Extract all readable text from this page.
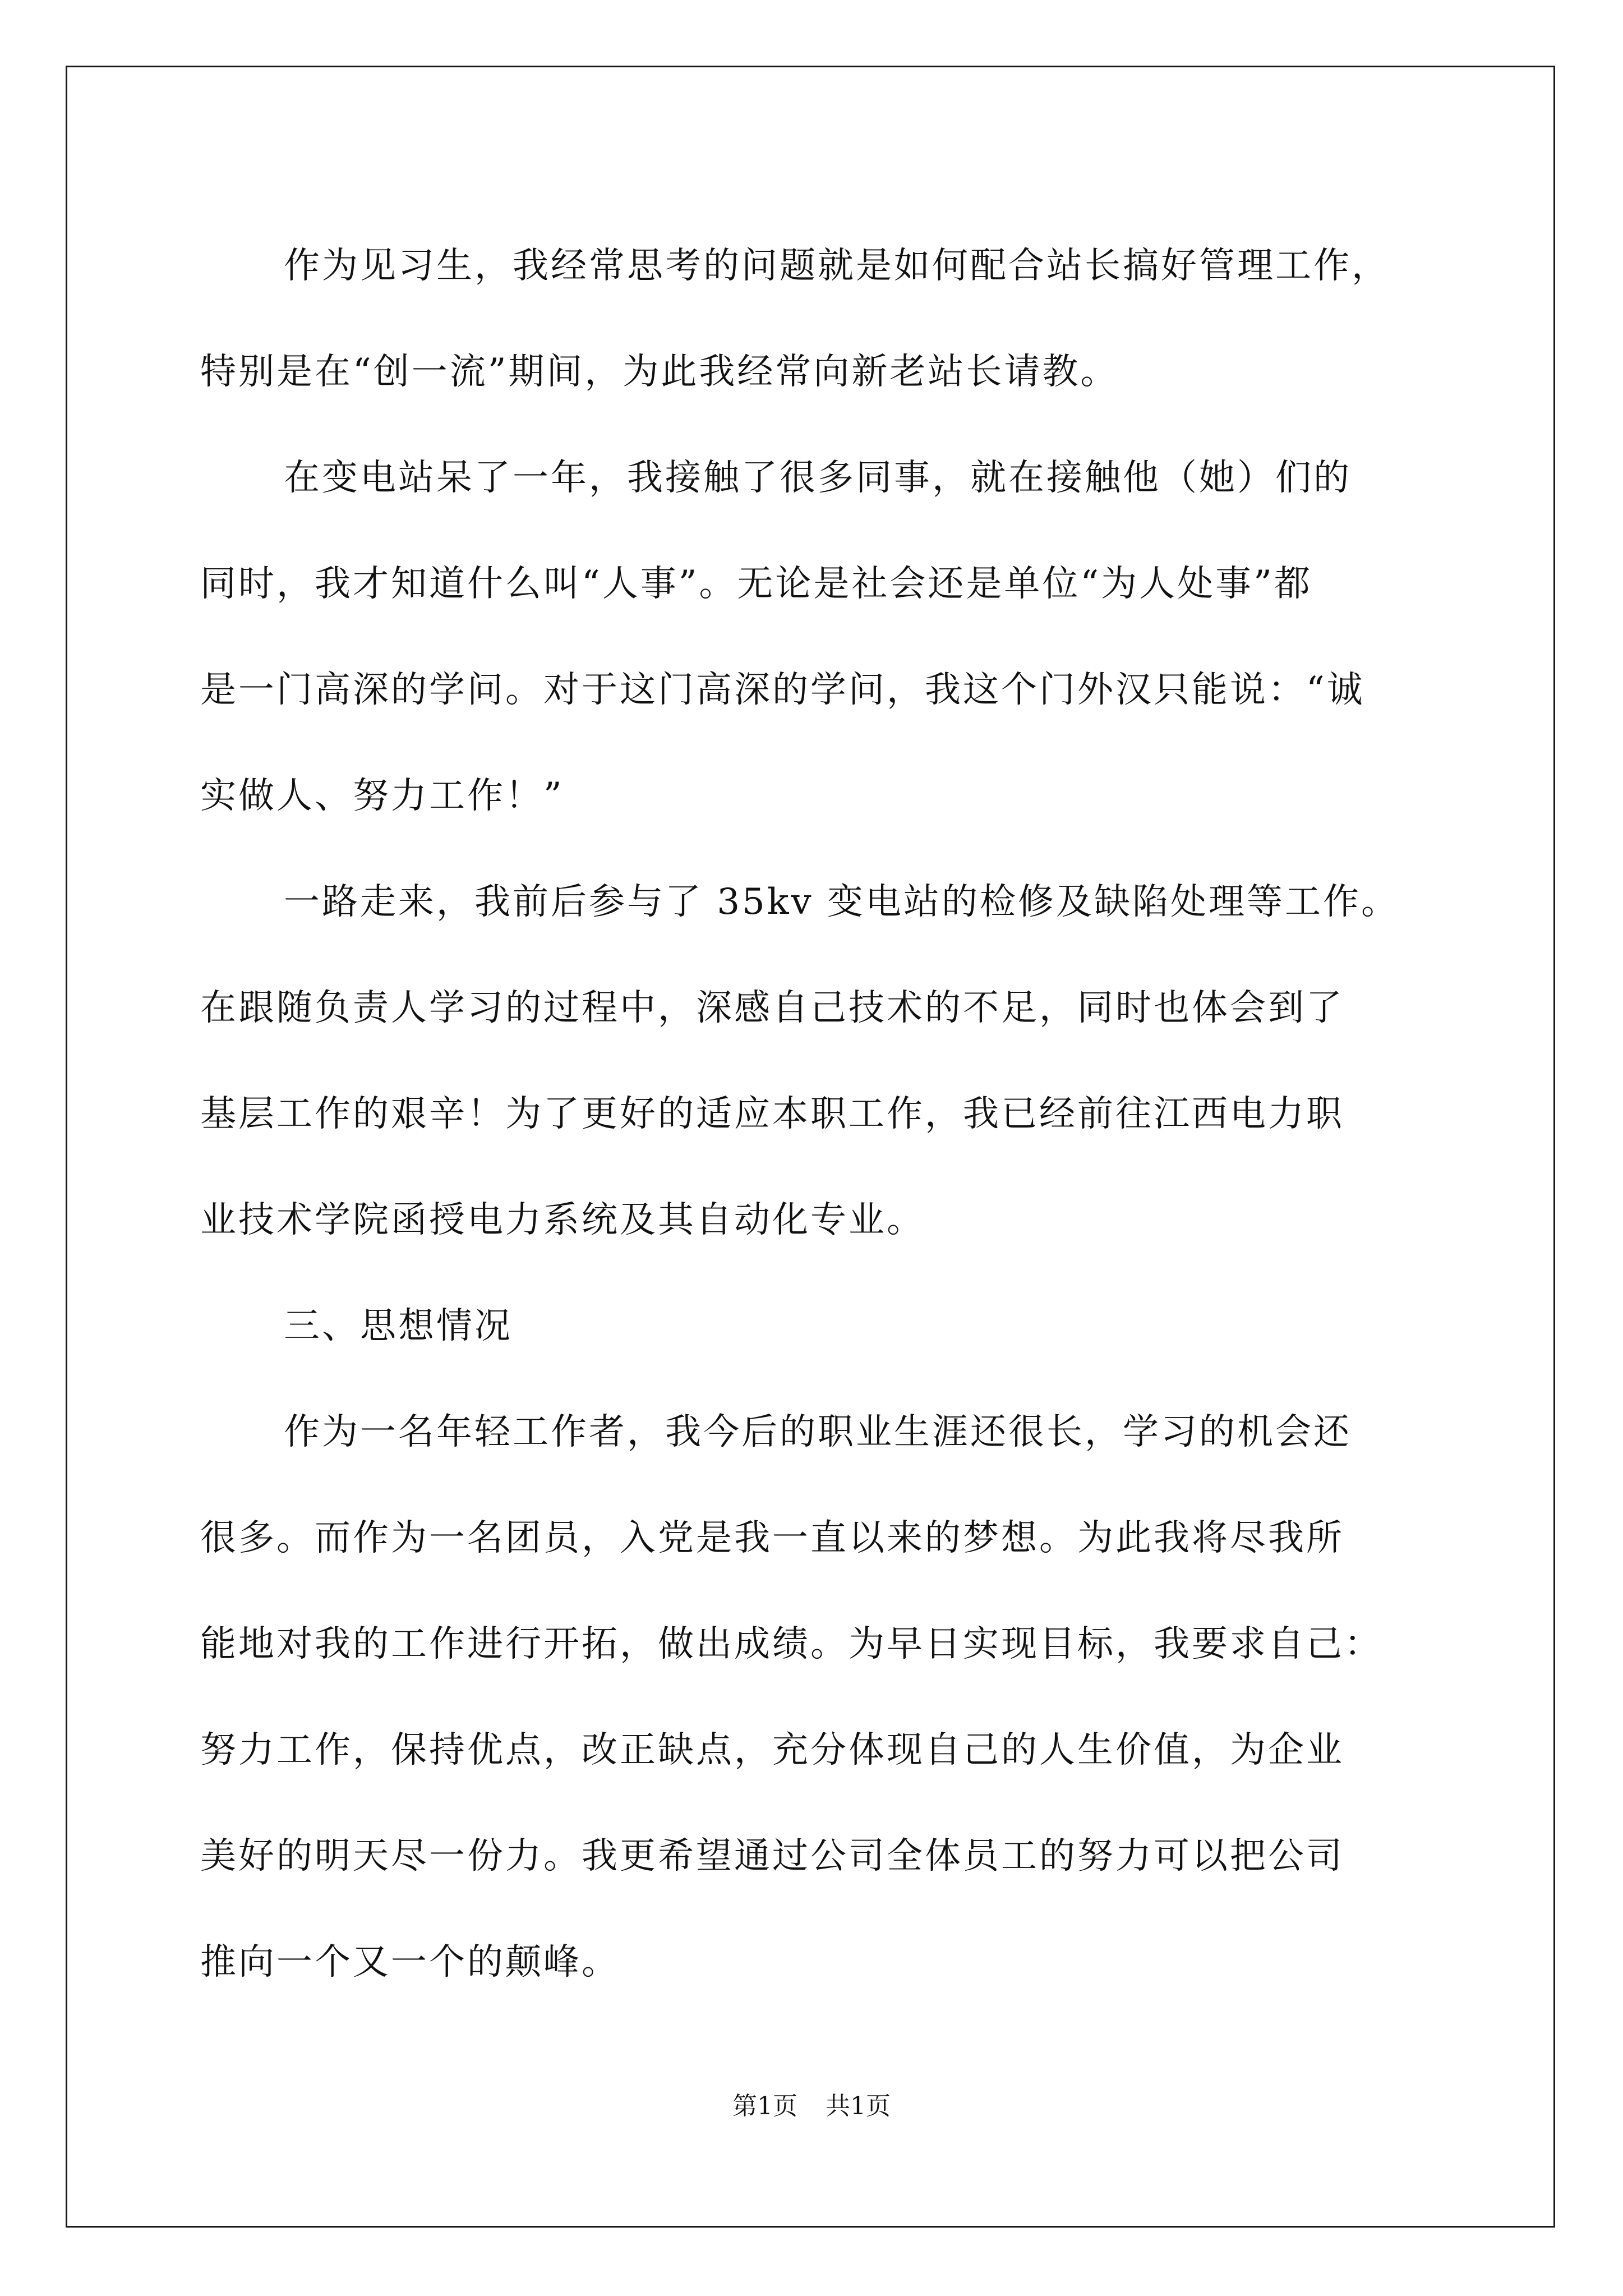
作为见习生，我经常思考的问题就是如何配合站长搞好管理工作，
特别是在“创一流”期间，为此我经常向新老站长请教。

在变电站呆了一年，我接触了很多同事，就在接触他（她）们的
同时，我才知道什么叫“人事”。无论是社会还是单位“为人处事”都
是一门高深的学问。对于这门高深的学问，我这个门外汉只能说：“诚
实做人、努力工作！”

一路走来，我前后参与了 35kv 变电站的检修及缺陷处理等工作。
在跟随负责人学习的过程中，深感自己技术的不足，同时也体会到了
基层工作的艰辛！为了更好的适应本职工作，我已经前往江西电力职
业技术学院函授电力系统及其自动化专业。

三、思想情况

作为一名年轻工作者，我今后的职业生涯还很长，学习的机会还
很多。而作为一名团员，入党是我一直以来的梦想。为此我将尽我所
能地对我的工作进行开拓，做出成绩。为早日实现目标，我要求自己：
努力工作，保持优点，改正缺点，充分体现自己的人生价值，为企业
美好的明天尽一份力。我更希望通过公司全体员工的努力可以把公司
推向一个又一个的颠峰。

第1页 共1页
